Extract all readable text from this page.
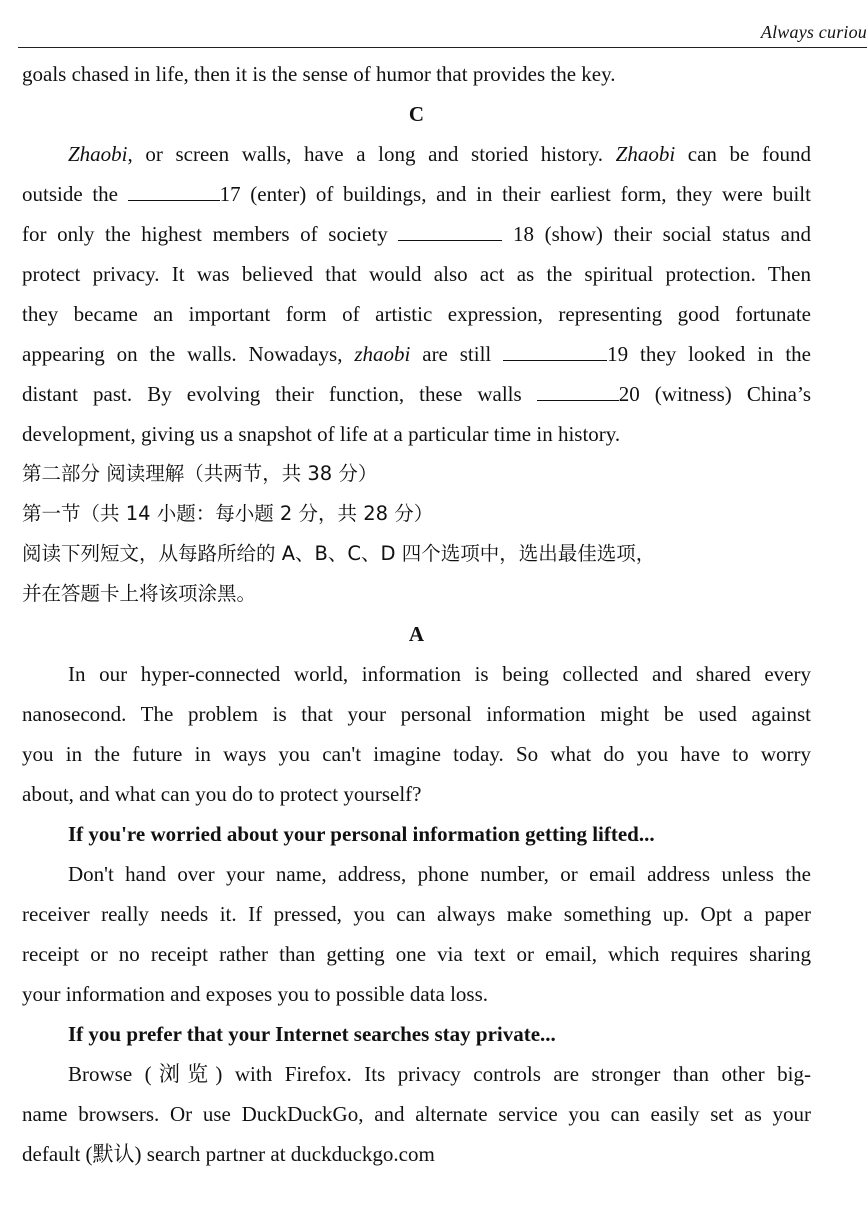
Always curiou
goals chased in life, then it is the sense of humor that provides the key.
C
Zhaobi, or screen walls, have a long and storied history. Zhaobi can be found
outside the	17 (enter) of buildings, and in their earliest form, they were built
for only the highest members of society	18 (show) their social status and
protect privacy. It was believed that would also act as the spiritual protection. Then
they became an important form of artistic expression, representing good fortunate
appearing on the walls. Nowadays, zhaobi are still	19 they looked in the
distant past. By evolving their function, these walls	20 (witness) China’s
development, giving us a snapshot of life at a particular time in history.
第二部分 阅读理解（共两节，共 38 分）
第一节（共 14 小题：每小题 2 分，共 28 分）
阅读下列短文，从每路所给的 A、B、C、D 四个选项中，选出最佳选项，
并在答题卡上将该项涂黑。
A
In our hyper-connected world, information is being collected and shared every
nanosecond. The problem is that your personal information might be used against
you in the future in ways you can't imagine today. So what do you have to worry
about, and what can you do to protect yourself?
If you're worried about your personal information getting lifted...
Don't hand over your name, address, phone number, or email address unless the
receiver really needs it. If pressed, you can always make something up. Opt a paper
receipt or no receipt rather than getting one via text or email, which requires sharing
your information and exposes you to possible data loss.
If you prefer that your Internet searches stay private...
Browse (浏览) with Firefox. Its privacy controls are stronger than other big-
name browsers. Or use DuckDuckGo, and alternate service you can easily set as your
default (默认) search partner at duckduckgo.com
